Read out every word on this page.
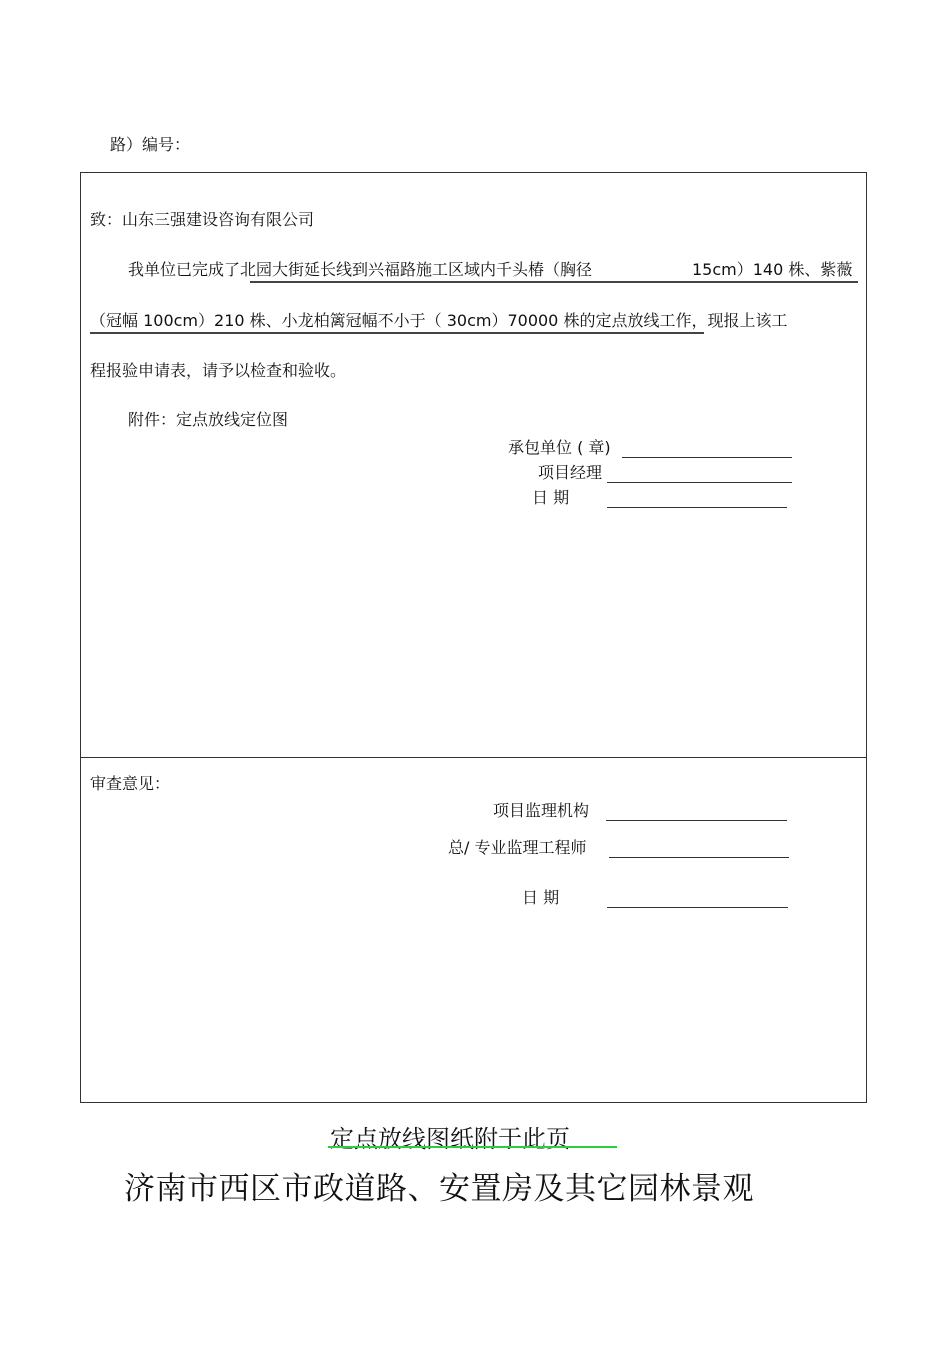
路）编号：
致：山东三强建设咨询有限公司
我单位已完成了北园大街延长线到兴福路施工区域内千头椿（胸径	15cm）140 株、紫薇
（冠幅 100cm）210 株、小龙柏篱冠幅不小于（ 30cm）70000 株的定点放线工作，现报上该工
程报验申请表，请予以检查和验收。
附件：定点放线定位图
承包单位 ( 章)
项目经理
日 期
审查意见：
项目监理机构
总/ 专业监理工程师
日 期
定点放线图纸附于此页
济南市西区市政道路、安置房及其它园林景观
